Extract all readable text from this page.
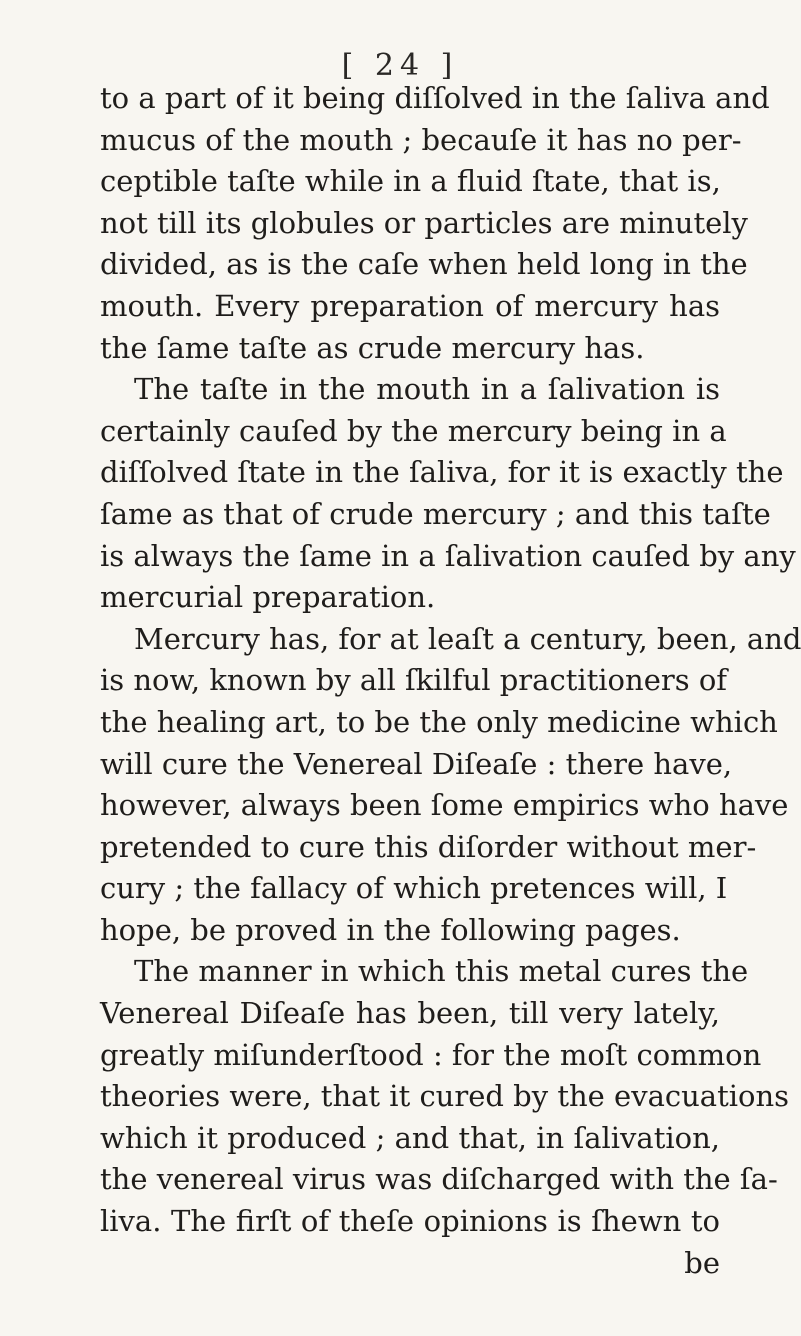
[ 24 ]
to a part of it being diſſolved in the ſaliva and
mucus of the mouth ; becauſe it has no per-
ceptible taſte while in a fluid ſtate, that is,
not till its globules or particles are minutely
divided, as is the caſe when held long in the
mouth. Every preparation of mercury has
the ſame taſte as crude mercury has.
The taſte in the mouth in a ſalivation is
certainly cauſed by the mercury being in a
diſſolved ſtate in the ſaliva, for it is exactly the
ſame as that of crude mercury ; and this taſte
is always the ſame in a ſalivation cauſed by any
mercurial preparation.
Mercury has, for at leaſt a century, been, and
is now, known by all ſkilful practitioners of
the healing art, to be the only medicine which
will cure the Venereal Diſeaſe : there have,
however, always been ſome empirics who have
pretended to cure this diſorder without mer-
cury ; the fallacy of which pretences will, I
hope, be proved in the following pages.
The manner in which this metal cures the
Venereal Diſeaſe has been, till very lately,
greatly miſunderſtood : for the moſt common
theories were, that it cured by the evacuations
which it produced ; and that, in ſalivation,
the venereal virus was diſcharged with the ſa-
liva. The firſt of theſe opinions is ſhewn to
be
